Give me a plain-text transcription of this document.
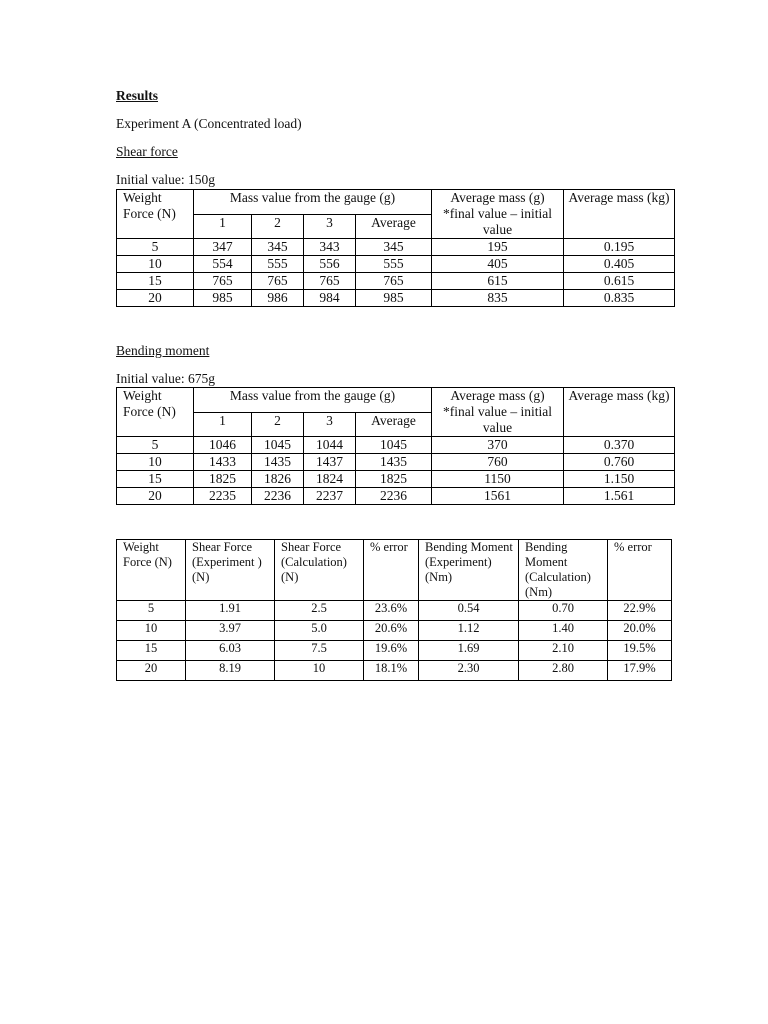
Results
Experiment A (Concentrated load)
Shear force
Initial value: 150g
Weight Force (N)	Mass value from the gauge (g)				Average mass (g) *final value – initial value	Average mass (kg)
	1	2	3	Average		
5	347	345	343	345	195	0.195
10	554	555	556	555	405	0.405
15	765	765	765	765	615	0.615
20	985	986	984	985	835	0.835
Bending moment
Initial value: 675g
Weight Force (N)	Mass value from the gauge (g)				Average mass (g) *final value – initial value	Average mass (kg)
	1	2	3	Average		
5	1046	1045	1044	1045	370	0.370
10	1433	1435	1437	1435	760	0.760
15	1825	1826	1824	1825	1150	1.150
20	2235	2236	2237	2236	1561	1.561
Weight Force (N)	Shear Force (Experiment ) (N)	Shear Force (Calculation) (N)	% error	Bending Moment (Experiment) (Nm)	Bending Moment (Calculation) (Nm)	% error
5	1.91	2.5	23.6%	0.54	0.70	22.9%
10	3.97	5.0	20.6%	1.12	1.40	20.0%
15	6.03	7.5	19.6%	1.69	2.10	19.5%
20	8.19	10	18.1%	2.30	2.80	17.9%
